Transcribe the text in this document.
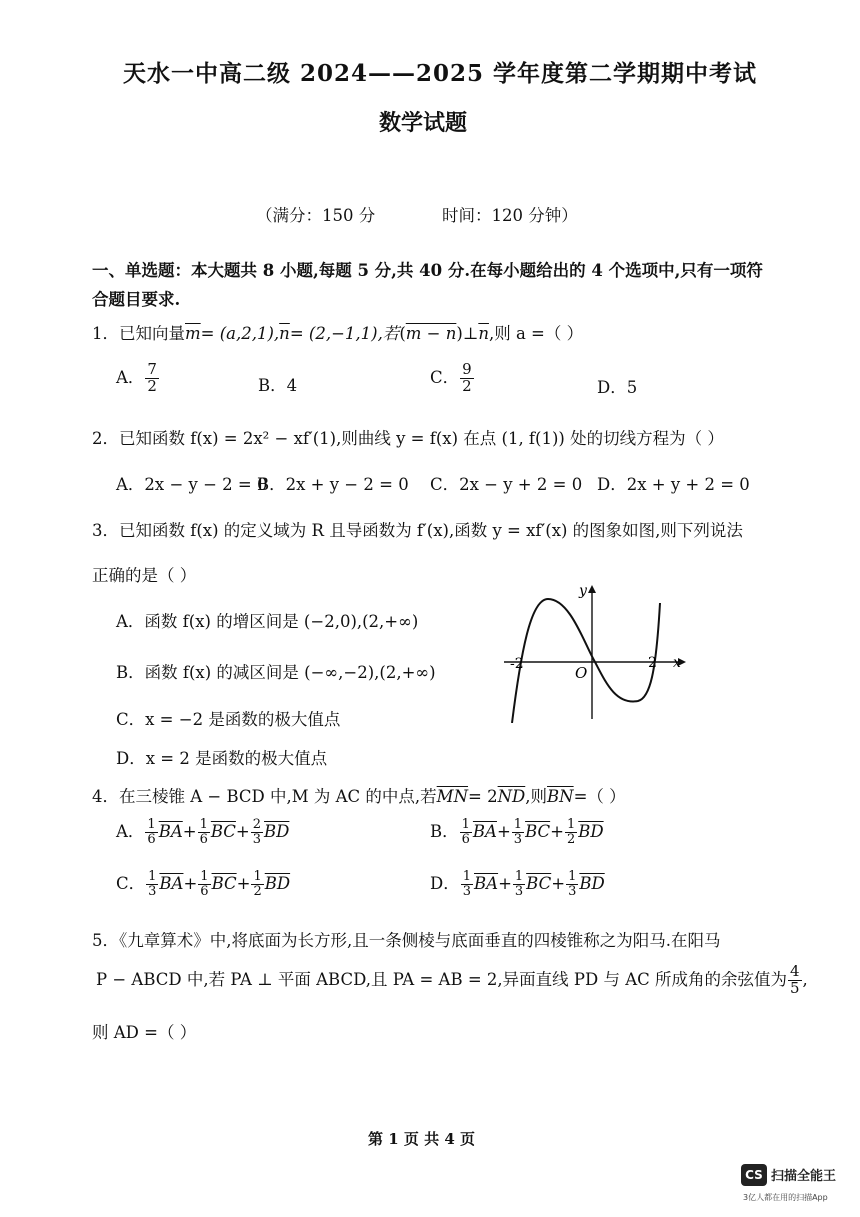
天水一中高二级 2024——2025 学年度第二学期期中考试
数学试题
（满分：150 分	时间：120 分钟）
一、单选题：本大题共 8 小题,每题 5 分,共 40 分.在每小题给出的 4 个选项中,只有一项符
合题目要求.
1．已知向量$\overline{m}= (a,2,1),\overline{n}= (2,-1,1)$,若$(m - n)\perp\overline{n}$,则 a =（ ）
A． $\frac{7}{2}$	B．4	C． $\frac{9}{2}$	D．5
2．已知函数 f(x) = 2x² − xf′(1),则曲线 y = f(x) 在点 (1, f(1)) 处的切线方程为（ ）
A．2x − y − 2 = 0
B．2x + y − 2 = 0 C．2x − y + 2 = 0 D．2x + y + 2 = 0
3．已知函数 f(x) 的定义域为 R 且导函数为 f′(x),函数 y = xf′(x) 的图象如图,则下列说法
正确的是（ ）
A．函数 f(x) 的增区间是 (−2,0),(2,+∞)
B．函数 f(x) 的减区间是 (−∞,−2),(2,+∞)
C．x = −2 是函数的极大值点
D．x = 2 是函数的极大值点
y
x
O
-2	2
4．在三棱锥 A − BCD 中,M 为 AC 的中点,若$\overline{MN}= 2\overline{ND}$,则$\overline{BN}=$（ ）
A． $\frac{1}{6} \overline{BA}+ \frac{1}{6} \overline{BC}+ \frac{2}{3} \overline{BD}$	B． $\frac{1}{6} \overline{BA}+ \frac{1}{3} \overline{BC}+ \frac{1}{2} \overline{BD}$
C． $\frac{1}{3} \overline{BA}+ \frac{1}{6} \overline{BC}+ \frac{1}{2} \overline{BD}$	D． $\frac{1}{3} \overline{BA}+ \frac{1}{3} \overline{BC}+ \frac{1}{3} \overline{BD}$
5．《九章算术》中,将底面为长方形,且一条侧棱与底面垂直的四棱锥称之为阳马.在阳马
P − ABCD 中,若 PA ⊥ 平面 ABCD,且 PA = AB = 2,异面直线 PD 与 AC 所成角的余弦值为 $\frac{4}{5}$ ,
则 AD =（ ）
第 1 页 共 4 页
CS 扫描全能王
3亿人都在用的扫描App
